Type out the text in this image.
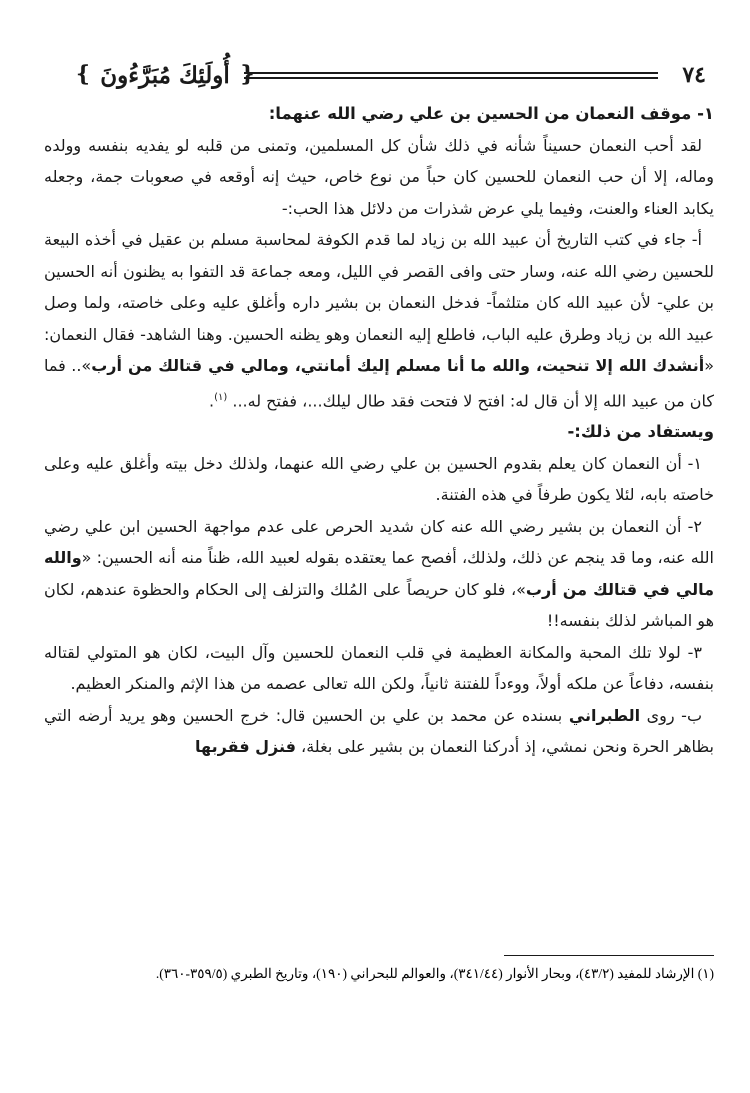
❴ أُولَئِكَ مُبَرَّءُونَ ❵	٧٤

١- موقف النعمان من الحسين بن علي رضي الله عنهما:

لقد أحب النعمان حسيناً شأنه في ذلك شأن كل المسلمين، وتمنى من قلبه لو يفديه بنفسه وولده وماله، إلا أن حب النعمان للحسين كان حباً من نوع خاص، حيث إنه أوقعه في صعوبات جمة، وجعله يكابد العناء والعنت، وفيما يلي عرض شذرات من دلائل هذا الحب:-

أ- جاء في كتب التاريخ أن عبيد الله بن زياد لما قدم الكوفة لمحاسبة مسلم بن عقيل في أخذه البيعة للحسين رضي الله عنه، وسار حتى وافى القصر في الليل، ومعه جماعة قد التفوا به يظنون أنه الحسين بن علي- لأن عبيد الله كان متلثماً- فدخل النعمان بن بشير داره وأغلق عليه وعلى خاصته، ولما وصل عبيد الله بن زياد وطرق عليه الباب، فاطلع إليه النعمان وهو يظنه الحسين. وهنا الشاهد- فقال النعمان: «أنشدك الله إلا تنحيت، والله ما أنا مسلم إليك أمانتي، ومالي في قتالك من أرب».. فما كان من عبيد الله إلا أن قال له: افتح لا فتحت فقد طال ليلك...، ففتح له... $^{(١)}$.

ويستفاد من ذلك:-

١- أن النعمان كان يعلم بقدوم الحسين بن علي رضي الله عنهما، ولذلك دخل بيته وأغلق عليه وعلى خاصته بابه، لئلا يكون طرفاً في هذه الفتنة.

٢- أن النعمان بن بشير رضي الله عنه كان شديد الحرص على عدم مواجهة الحسين ابن علي رضي الله عنه، وما قد ينجم عن ذلك، ولذلك، أفصح عما يعتقده بقوله لعبيد الله، ظناً منه أنه الحسين: «والله مالي في قتالك من أرب»، فلو كان حريصاً على المُلك والتزلف إلى الحكام والحظوة عندهم، لكان هو المباشر لذلك بنفسه!!

٣- لولا تلك المحبة والمكانة العظيمة في قلب النعمان للحسين وآل البيت، لكان هو المتولي لقتاله بنفسه، دفاعاً عن ملكه أولاً، ووءداً للفتنة ثانياً، ولكن الله تعالى عصمه من هذا الإثم والمنكر العظيم.

ب- روى الطبراني بسنده عن محمد بن علي بن الحسين قال: خرج الحسين وهو يريد أرضه التي بظاهر الحرة ونحن نمشي، إذ أدركنا النعمان بن بشير على بغلة، فنزل فقربها

(١) الإرشاد للمفيد (٤٣/٢)، وبحار الأنوار (٣٤١/٤٤)، والعوالم للبحراني (١٩٠)، وتاريخ الطبري (٣٥٩/٥-٣٦٠).
